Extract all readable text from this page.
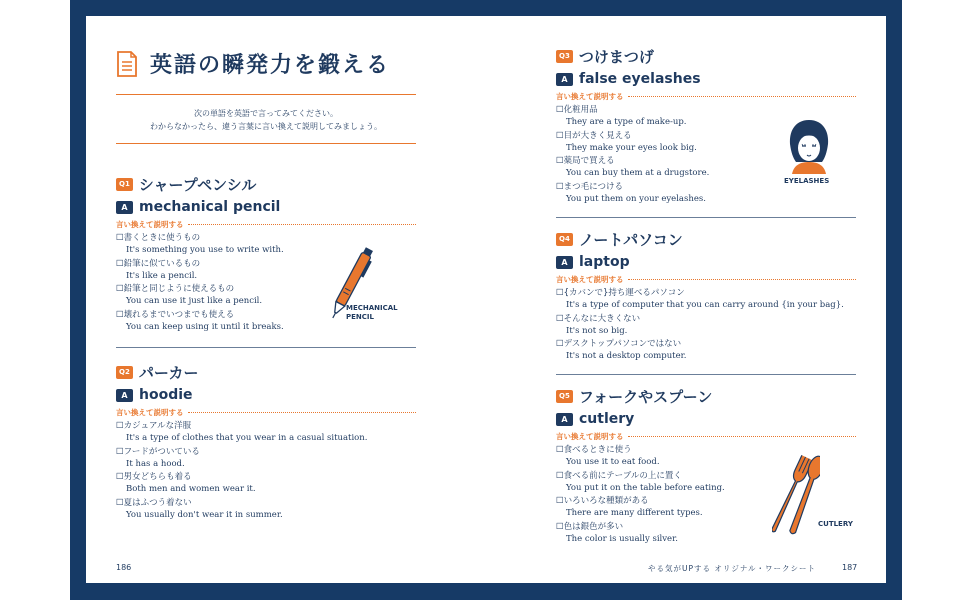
英語の瞬発力を鍛える
次の単語を英語で言ってみてください。
わからなかったら、違う言葉に言い換えて説明してみましょう。
Q1 シャープペンシル
A mechanical pencil
言い換えて説明する
☐書くときに使うもの
It's something you use to write with.
☐鉛筆に似ているもの
It's like a pencil.
☐鉛筆と同じように使えるもの
You can use it just like a pencil.
☐壊れるまでいつまでも使える
You can keep using it until it breaks.
MECHANICAL
PENCIL
Q2 パーカー
A hoodie
言い換えて説明する
☐カジュアルな洋服
It's a type of clothes that you wear in a casual situation.
☐フードがついている
It has a hood.
☐男女どちらも着る
Both men and women wear it.
☐夏はふつう着ない
You usually don't wear it in summer.
Q3 つけまつげ
A false eyelashes
言い換えて説明する
☐化粧用品
They are a type of make-up.
☐目が大きく見える
They make your eyes look big.
☐薬局で買える
You can buy them at a drugstore.
☐まつ毛につける
You put them on your eyelashes.
EYELASHES
Q4 ノートパソコン
A laptop
言い換えて説明する
☐{カバンで}持ち運べるパソコン
It's a type of computer that you can carry around {in your bag}.
☐そんなに大きくない
It's not so big.
☐デスクトップパソコンではない
It's not a desktop computer.
Q5 フォークやスプーン
A cutlery
言い換えて説明する
☐食べるときに使う
You use it to eat food.
☐食べる前にテーブルの上に置く
You put it on the table before eating.
☐いろいろな種類がある
There are many different types.
☐色は銀色が多い
The color is usually silver.
CUTLERY
186	やる気がUPする オリジナル・ワークシート	187
